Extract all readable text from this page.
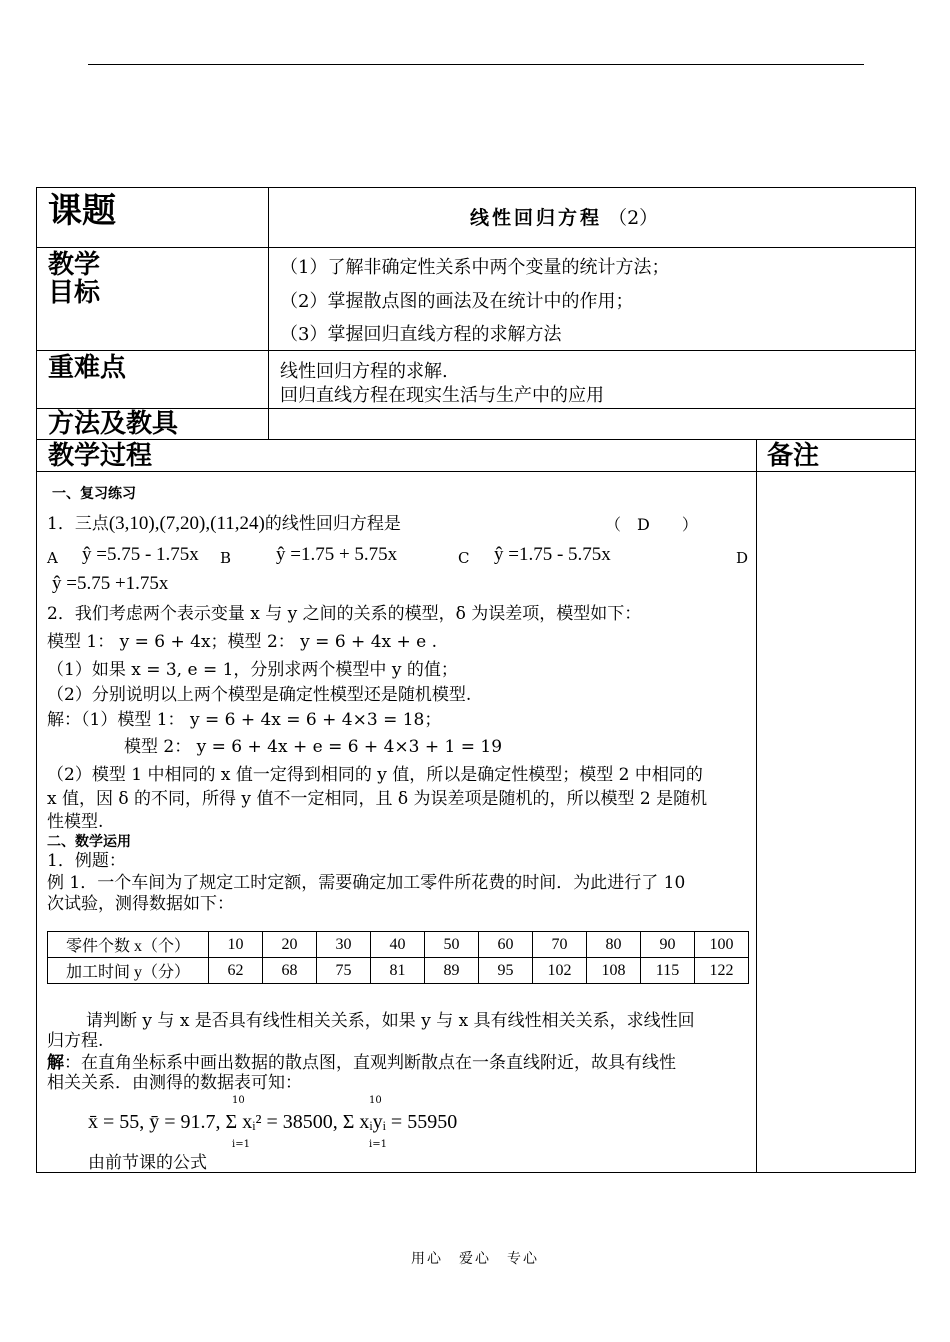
课题	线性回归方程 （2）
教学
目标
（1）了解非确定性关系中两个变量的统计方法；
（2）掌握散点图的画法及在统计中的作用；
（3）掌握回归直线方程的求解方法
重难点	线性回归方程的求解.
回归直线方程在现实生活与生产中的应用
方法及教具
教学过程	备注
一、复习练习
1．三点(3,10),(7,20),(11,24)的线性回归方程是	（　D　　）
A ŷ =5.75 - 1.75x B ŷ =1.75 + 5.75x	C ŷ =1.75 - 5.75x	D
ŷ =5.75 +1.75x
2．我们考虑两个表示变量 x 与 y 之间的关系的模型，δ 为误差项，模型如下：
模型 1： y = 6 + 4x；模型 2： y = 6 + 4x + e .
（1）如果 x = 3, e = 1，分别求两个模型中 y 的值；
（2）分别说明以上两个模型是确定性模型还是随机模型.
解：（1）模型 1： y = 6 + 4x = 6 + 4×3 = 18；
模型 2： y = 6 + 4x + e = 6 + 4×3 + 1 = 19
（2）模型 1 中相同的 x 值一定得到相同的 y 值，所以是确定性模型；模型 2 中相同的
x 值，因 δ 的不同，所得 y 值不一定相同，且 δ 为误差项是随机的，所以模型 2 是随机
性模型.
二、数学运用
1．例题：
例 1．一个车间为了规定工时定额，需要确定加工零件所花费的时间．为此进行了 10
次试验，测得数据如下：
零件个数 x（个）	10	20	30	40	50	60	70	80	90	100
加工时间 y（分）	62	68	75	81	89	95	102	108	115	122
请判断 y 与 x 是否具有线性相关关系，如果 y 与 x 具有线性相关关系，求线性回
归方程.
解：在直角坐标系中画出数据的散点图，直观判断散点在一条直线附近，故具有线性
相关关系．由测得的数据表可知：
10
i=1
10
i=1
x̄ = 55, ȳ = 91.7, Σ xᵢ² = 38500, Σ xᵢyᵢ = 55950
由前节课的公式
用心　爱心　专心
